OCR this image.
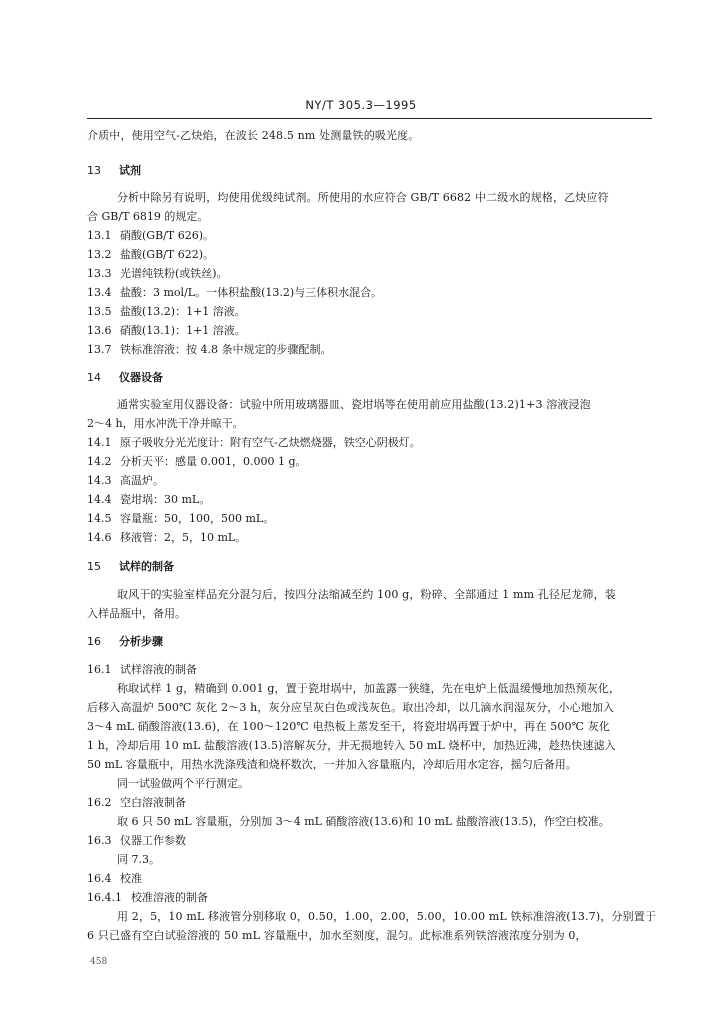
NY/T 305.3—1995
介质中，使用空气-乙炔焰，在波长 248.5 nm 处测量铁的吸光度。
13 试剂
分析中除另有说明，均使用优级纯试剂。所使用的水应符合 GB/T 6682 中二级水的规格，乙炔应符
合 GB/T 6819 的规定。
13.1 硝酸(GB/T 626)。
13.2 盐酸(GB/T 622)。
13.3 光谱纯铁粉(或铁丝)。
13.4 盐酸：3 mol/L。一体积盐酸(13.2)与三体积水混合。
13.5 盐酸(13.2)：1+1 溶液。
13.6 硝酸(13.1)：1+1 溶液。
13.7 铁标准溶液：按 4.8 条中规定的步骤配制。
14 仪器设备
通常实验室用仪器设备：试验中所用玻璃器皿、瓷坩埚等在使用前应用盐酸(13.2)1+3 溶液浸泡
2～4 h，用水冲洗干净并晾干。
14.1 原子吸收分光光度计：附有空气-乙炔燃烧器，铁空心阴极灯。
14.2 分析天平：感量 0.001，0.000 1 g。
14.3 高温炉。
14.4 瓷坩埚：30 mL。
14.5 容量瓶：50，100，500 mL。
14.6 移液管：2，5，10 mL。
15 试样的制备
取风干的实验室样品充分混匀后，按四分法缩减至约 100 g，粉碎、全部通过 1 mm 孔径尼龙筛，装
入样品瓶中，备用。
16 分析步骤
16.1 试样溶液的制备
称取试样 1 g，精确到 0.001 g，置于瓷坩埚中，加盖露一狭缝，先在电炉上低温缓慢地加热预灰化，
后移入高温炉 500℃ 灰化 2～3 h，灰分应呈灰白色或浅灰色。取出冷却，以几滴水润湿灰分，小心地加入
3～4 mL 硝酸溶液(13.6)，在 100～120℃ 电热板上蒸发至干，将瓷坩埚再置于炉中，再在 500℃ 灰化
1 h，冷却后用 10 mL 盐酸溶液(13.5)溶解灰分，并无损地转入 50 mL 烧杯中，加热近沸，趁热快速滤入
50 mL 容量瓶中，用热水洗涤残渣和烧杯数次，一并加入容量瓶内，冷却后用水定容，摇匀后备用。
同一试验做两个平行测定。
16.2 空白溶液制备
取 6 只 50 mL 容量瓶，分别加 3～4 mL 硝酸溶液(13.6)和 10 mL 盐酸溶液(13.5)，作空白校准。
16.3 仪器工作参数
同 7.3。
16.4 校准
16.4.1 校准溶液的制备
用 2，5，10 mL 移液管分别移取 0，0.50，1.00，2.00，5.00，10.00 mL 铁标准溶液(13.7)，分别置于
6 只已盛有空白试验溶液的 50 mL 容量瓶中，加水至刻度，混匀。此标准系列铁溶液浓度分别为 0，
458
